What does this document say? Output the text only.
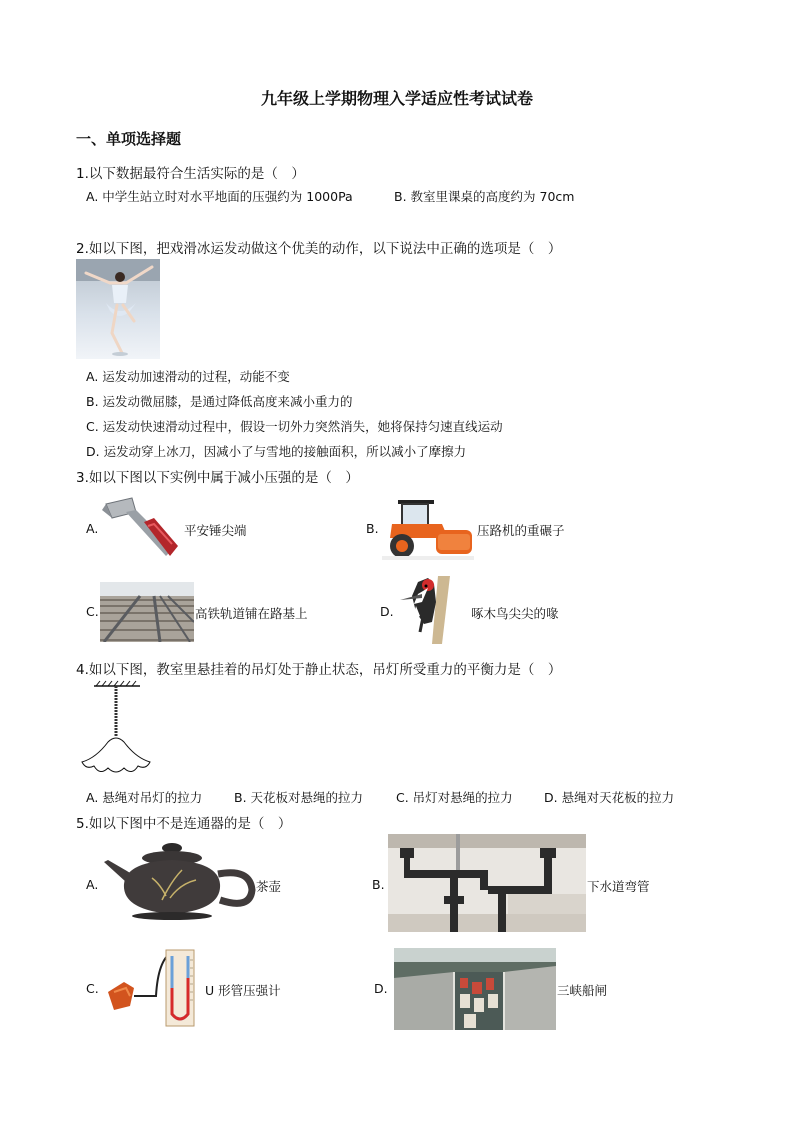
九年级上学期物理入学适应性考试试卷
一、单项选择题
1.以下数据最符合生活实际的是（　）
A. 中学生站立时对水平地面的压强约为 1000Pa	B. 教室里课桌的高度约为 70cm
2.如以下图，把戏滑冰运发动做这个优美的动作，以下说法中正确的选项是（　）
A. 运发动加速滑动的过程，动能不变
B. 运发动微屈膝，是通过降低高度来减小重力的
C. 运发动快速滑动过程中，假设一切外力突然消失，她将保持匀速直线运动
D. 运发动穿上冰刀，因减小了与雪地的接触面积，所以减小了摩擦力
3.如以下图以下实例中属于减小压强的是（　）
A.	平安锤尖端	B.	压路机的重碾子
C.	高铁轨道铺在路基上	D.	啄木鸟尖尖的喙
4.如以下图，教室里悬挂着的吊灯处于静止状态，吊灯所受重力的平衡力是（　）
A. 悬绳对吊灯的拉力	B. 天花板对悬绳的拉力	C. 吊灯对悬绳的拉力	D. 悬绳对天花板的拉力
5.如以下图中不是连通器的是（　）
A.	茶壶	B.	下水道弯管
C.	U 形管压强计	D.	三峡船闸
